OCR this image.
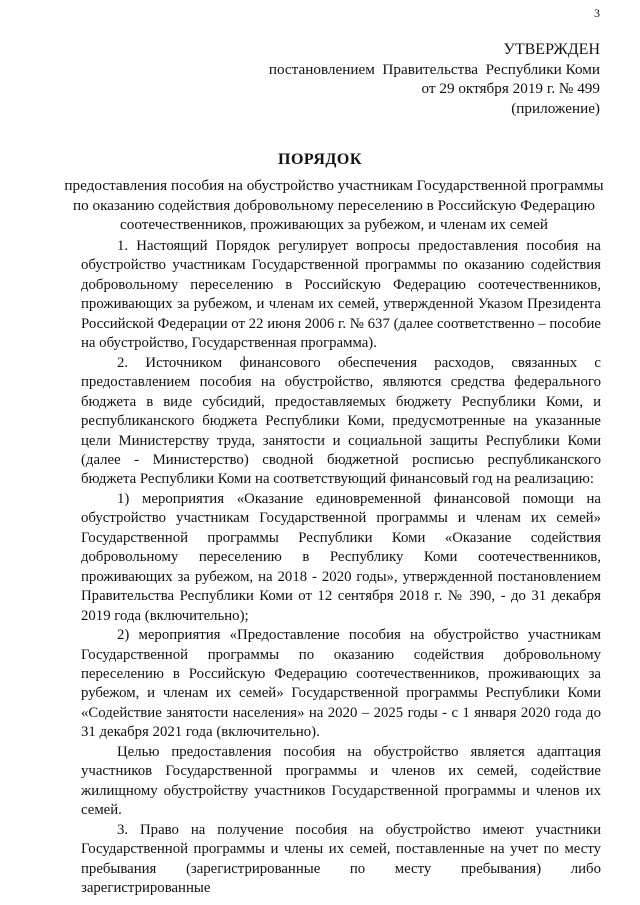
3
УТВЕРЖДЕН
постановлением  Правительства  Республики Коми
от 29 октября 2019 г. № 499
(приложение)
ПОРЯДОК
предоставления пособия на обустройство участникам Государственной программы по оказанию содействия добровольному переселению в Российскую Федерацию соотечественников, проживающих за рубежом, и членам их семей

1. Настоящий Порядок регулирует вопросы предоставления пособия на обустройство участникам Государственной программы по оказанию содействия добровольному переселению в Российскую Федерацию соотечественников, проживающих за рубежом, и членам их семей, утвержденной Указом Президента Российской Федерации от 22 июня 2006 г. № 637 (далее соответственно – пособие на обустройство, Государственная программа).

2. Источником финансового обеспечения расходов, связанных с предоставлением пособия на обустройство, являются средства федерального бюджета в виде субсидий, предоставляемых бюджету Республики Коми, и республиканского бюджета Республики Коми, предусмотренные на указанные цели Министерству труда, занятости и социальной защиты Республики Коми (далее - Министерство) сводной бюджетной росписью республиканского бюджета Республики Коми на соответствующий финансовый год на реализацию:

1) мероприятия «Оказание единовременной финансовой помощи на обустройство участникам Государственной программы и членам их семей» Государственной программы Республики Коми «Оказание содействия добровольному переселению в Республику Коми соотечественников, проживающих за рубежом, на 2018 - 2020 годы», утвержденной постановлением Правительства Республики Коми от 12 сентября 2018 г. № 390, - до 31 декабря 2019 года (включительно);

2) мероприятия «Предоставление пособия на обустройство участникам Государственной программы по оказанию содействия добровольному переселению в Российскую Федерацию соотечественников, проживающих за рубежом, и членам их семей» Государственной программы Республики Коми «Содействие занятости населения» на 2020 – 2025 годы - с 1 января 2020 года до 31 декабря 2021 года (включительно).

Целью предоставления пособия на обустройство является адаптация участников Государственной программы и членов их семей, содействие жилищному обустройству участников Государственной программы и членов их семей.

3. Право на получение пособия на обустройство имеют участники Государственной программы и члены их семей, поставленные на учет по месту пребывания (зарегистрированные по месту пребывания) либо зарегистрированные
